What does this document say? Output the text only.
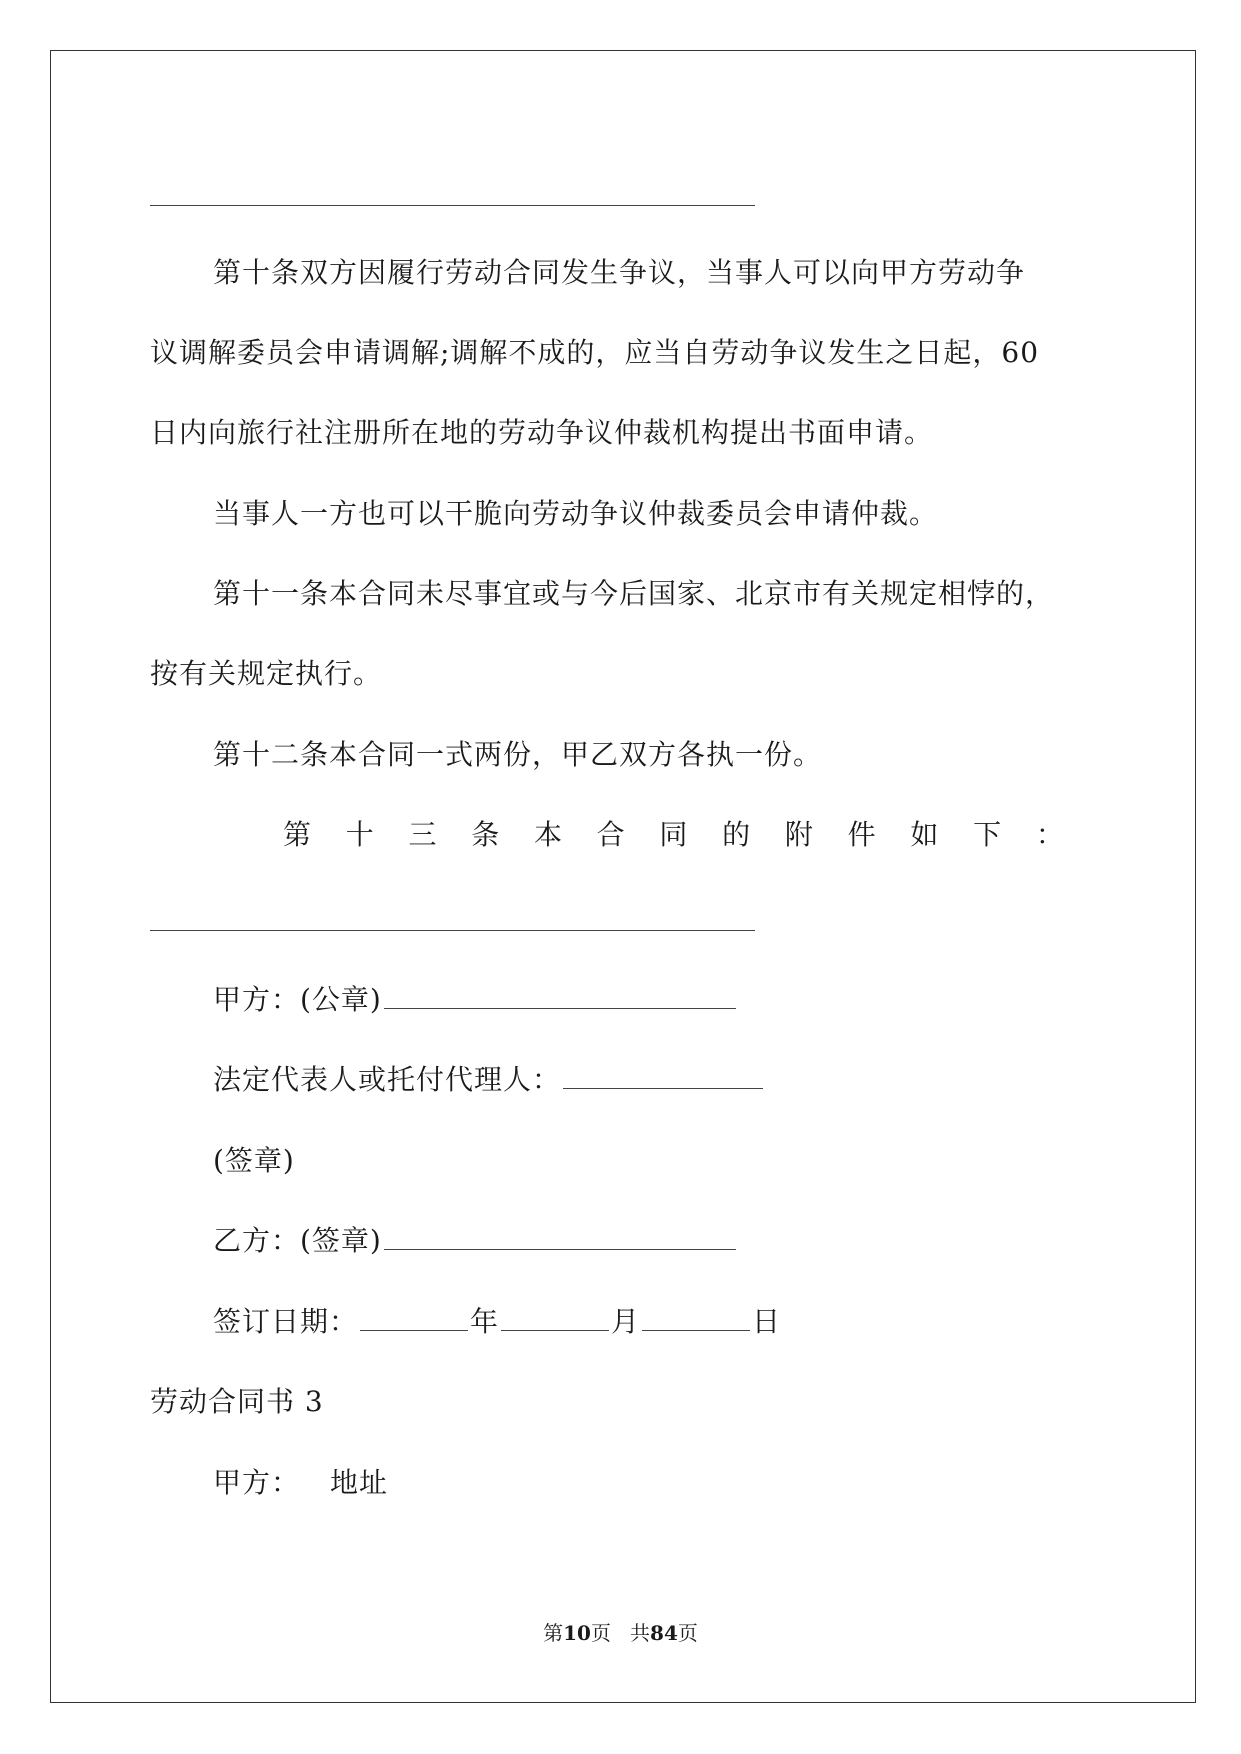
第十条双方因履行劳动合同发生争议，当事人可以向甲方劳动争
议调解委员会申请调解;调解不成的，应当自劳动争议发生之日起，60
日内向旅行社注册所在地的劳动争议仲裁机构提出书面申请。
当事人一方也可以干脆向劳动争议仲裁委员会申请仲裁。
第十一条本合同未尽事宜或与今后国家、北京市有关规定相悖的，
按有关规定执行。
第十二条本合同一式两份，甲乙双方各执一份。
第 十 三 条 本 合 同 的 附 件 如 下 ：
甲方：(公章)
法定代表人或托付代理人：
(签章)
乙方：(签章)
签订日期：	年	月	日
劳动合同书 3
甲方： 地址
第10页 共84页
